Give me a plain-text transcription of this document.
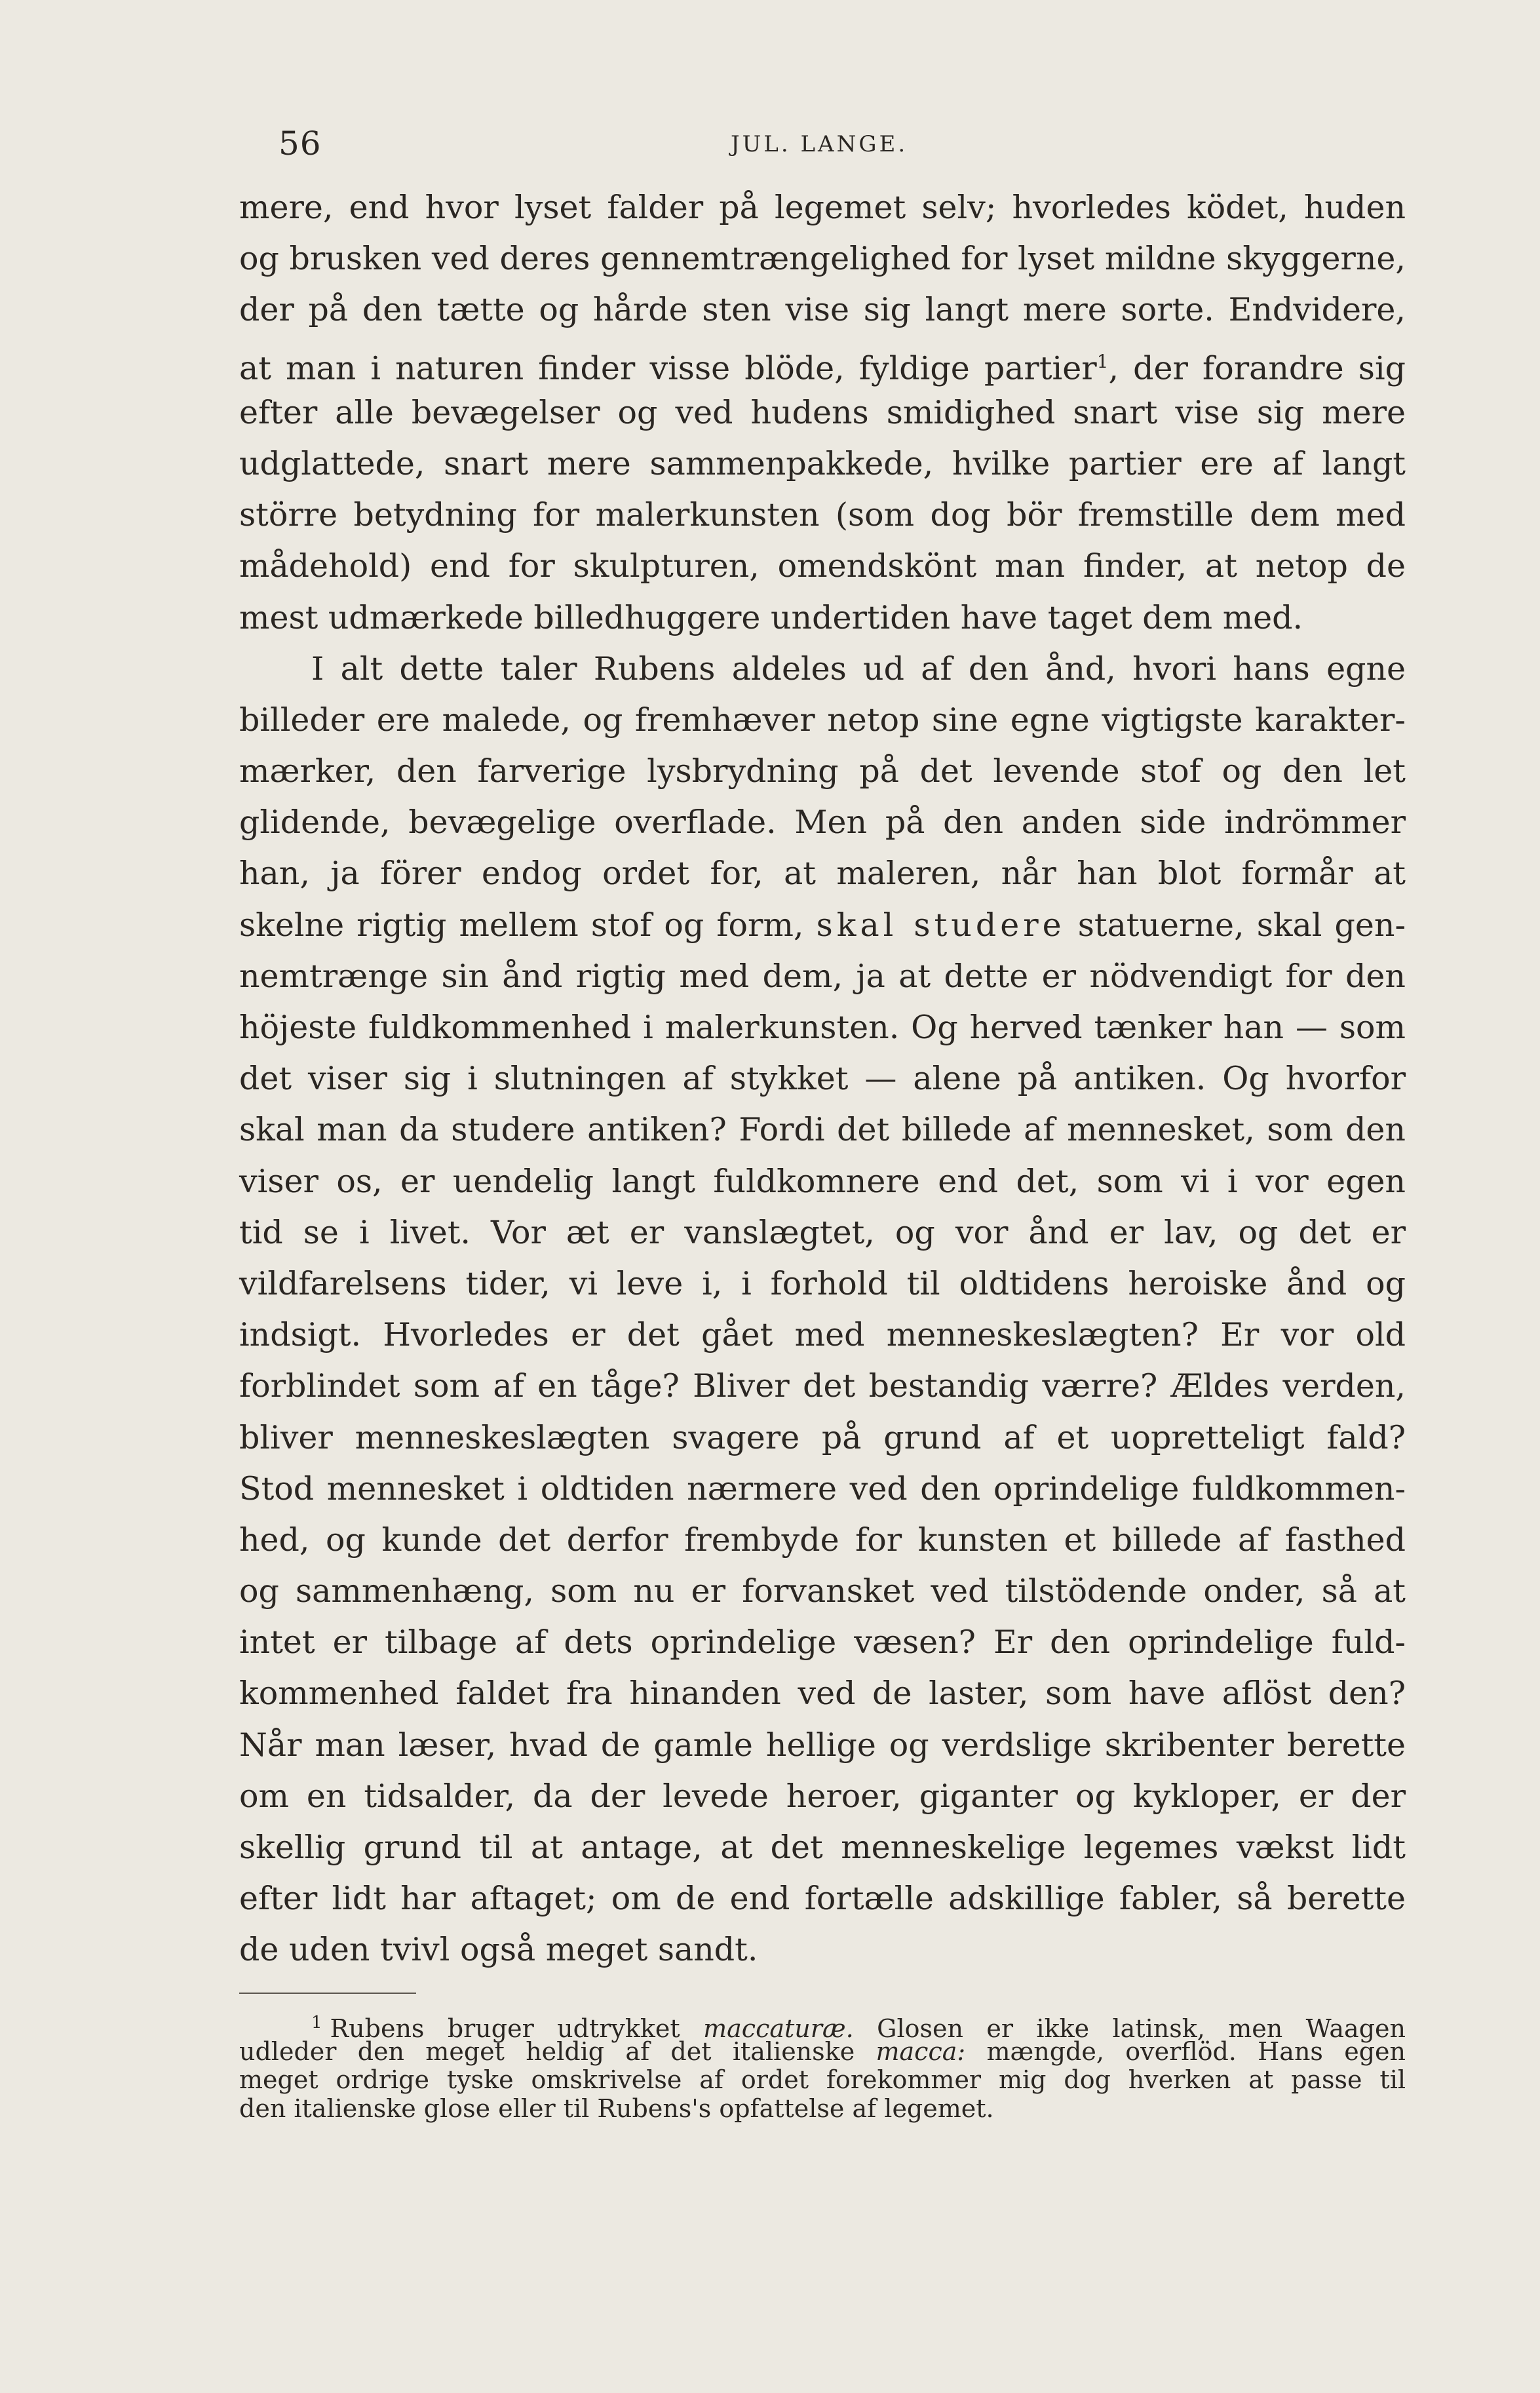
56	JUL. LANGE.
mere, end hvor lyset falder på legemet selv; hvorledes ködet, huden
og brusken ved deres gennemtrængelighed for lyset mildne skyggerne,
der på den tætte og hårde sten vise sig langt mere sorte. Endvidere,
at man i naturen finder visse blöde, fyldige partier$^1$, der forandre sig
efter alle bevægelser og ved hudens smidighed snart vise sig mere
udglattede, snart mere sammenpakkede, hvilke partier ere af langt
större betydning for malerkunsten (som dog bör fremstille dem med
mådehold) end for skulpturen, omendskönt man finder, at netop de
mest udmærkede billedhuggere undertiden have taget dem med.
I alt dette taler Rubens aldeles ud af den ånd, hvori hans egne
billeder ere malede, og fremhæver netop sine egne vigtigste karakter-
mærker, den farverige lysbrydning på det levende stof og den let
glidende, bevægelige overflade. Men på den anden side indrömmer
han, ja förer endog ordet for, at maleren, når han blot formår at
skelne rigtig mellem stof og form, skal studere statuerne, skal gen-
nemtrænge sin ånd rigtig med dem, ja at dette er nödvendigt for den
höjeste fuldkommenhed i malerkunsten. Og herved tænker han — som
det viser sig i slutningen af stykket — alene på antiken. Og hvorfor
skal man da studere antiken? Fordi det billede af mennesket, som den
viser os, er uendelig langt fuldkomnere end det, som vi i vor egen
tid se i livet. Vor æt er vanslægtet, og vor ånd er lav, og det er
vildfarelsens tider, vi leve i, i forhold til oldtidens heroiske ånd og
indsigt. Hvorledes er det gået med menneskeslægten? Er vor old
forblindet som af en tåge? Bliver det bestandig værre? Ældes verden,
bliver menneskeslægten svagere på grund af et uopretteligt fald?
Stod mennesket i oldtiden nærmere ved den oprindelige fuldkommen-
hed, og kunde det derfor frembyde for kunsten et billede af fasthed
og sammenhæng, som nu er forvansket ved tilstödende onder, så at
intet er tilbage af dets oprindelige væsen? Er den oprindelige fuld-
kommenhed faldet fra hinanden ved de laster, som have aflöst den?
Når man læser, hvad de gamle hellige og verdslige skribenter berette
om en tidsalder, da der levede heroer, giganter og kykloper, er der
skellig grund til at antage, at det menneskelige legemes vækst lidt
efter lidt har aftaget; om de end fortælle adskillige fabler, så berette
de uden tvivl også meget sandt.
$^1$ Rubens bruger udtrykket maccaturæ. Glosen er ikke latinsk, men Waagen
udleder den meget heldig af det italienske macca: mængde, overflöd. Hans egen
meget ordrige tyske omskrivelse af ordet forekommer mig dog hverken at passe til
den italienske glose eller til Rubens's opfattelse af legemet.
